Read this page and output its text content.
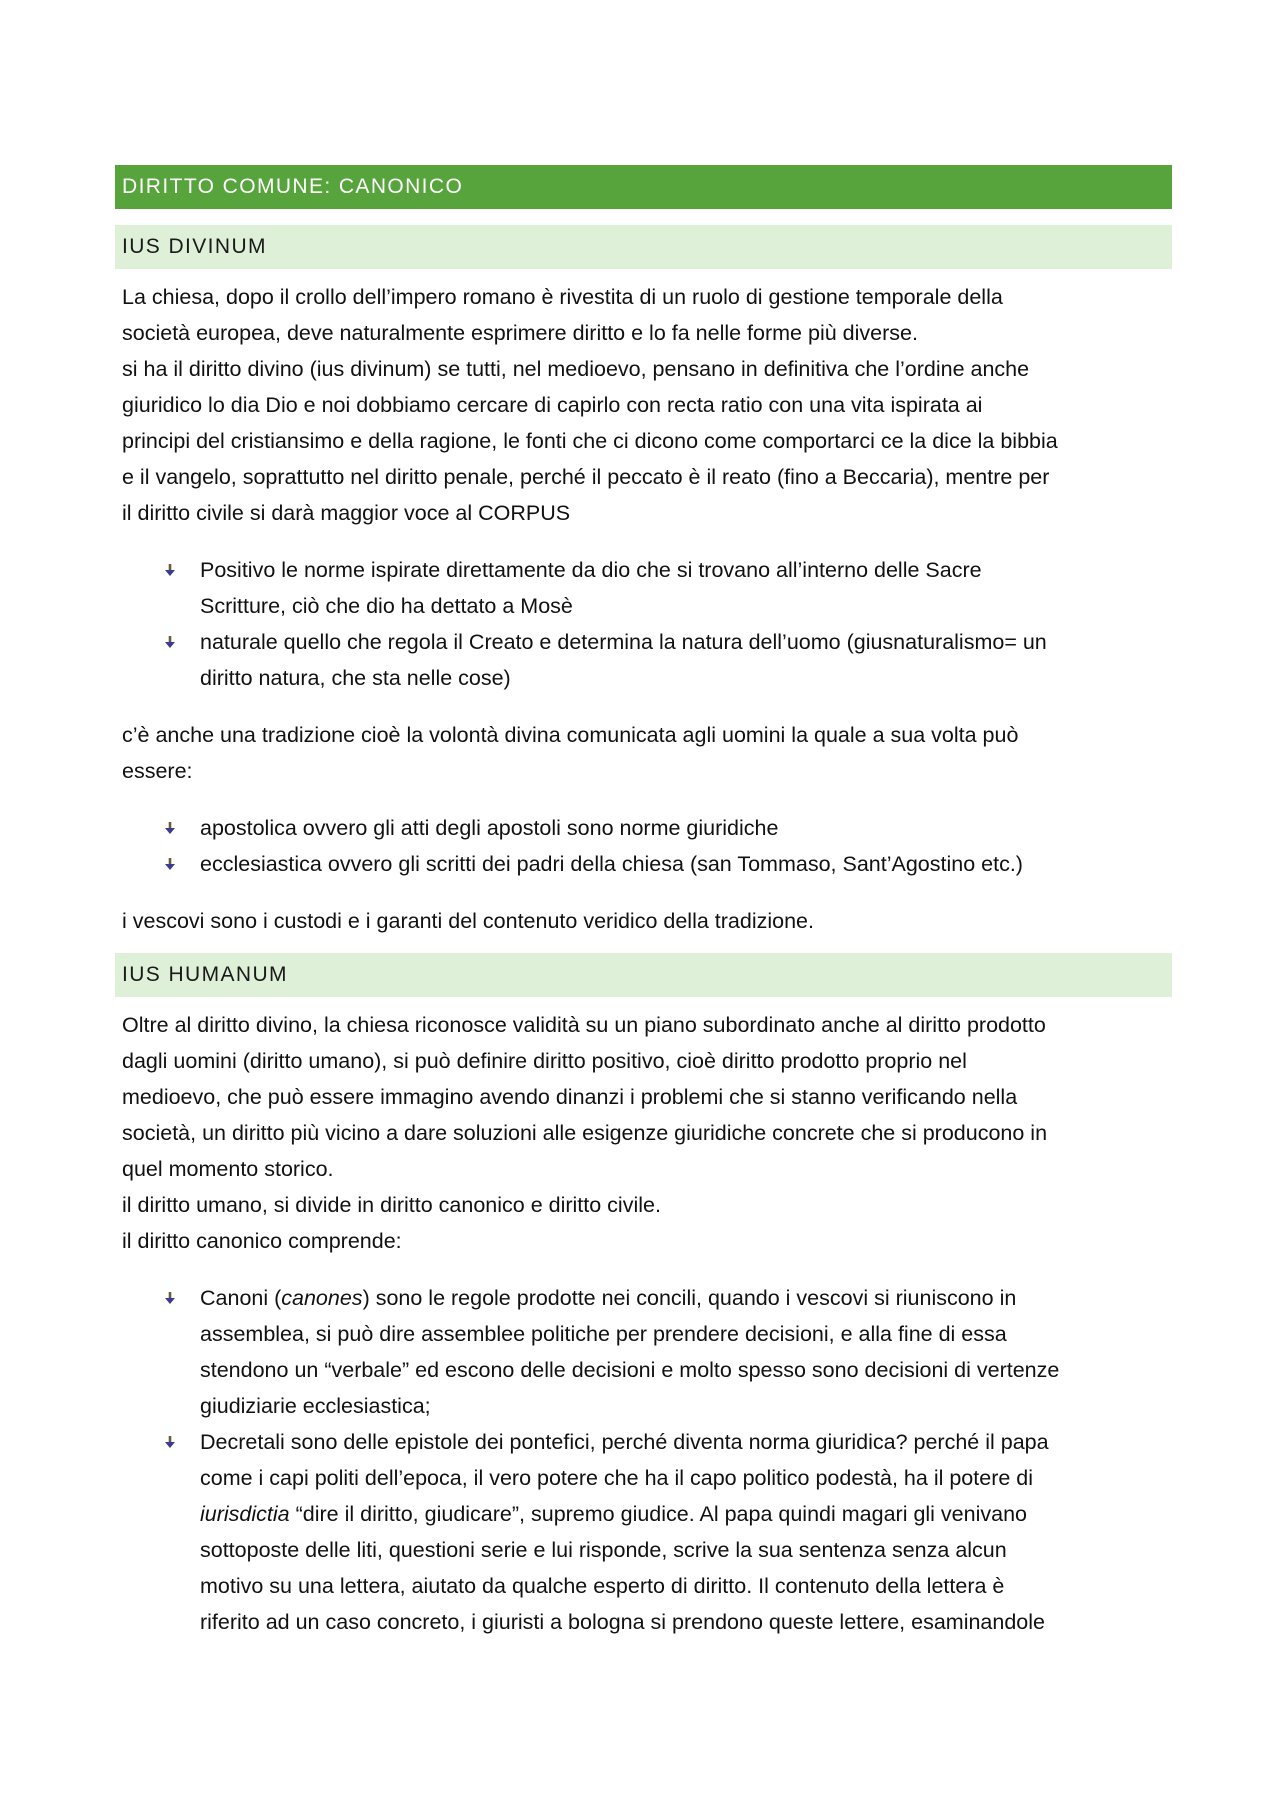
DIRITTO COMUNE: CANONICO
IUS DIVINUM

La chiesa, dopo il crollo dell’impero romano è rivestita di un ruolo di gestione temporale della
società europea, deve naturalmente esprimere diritto e lo fa nelle forme più diverse.
si ha il diritto divino (ius divinum) se tutti, nel medioevo, pensano in definitiva che l’ordine anche
giuridico lo dia Dio e noi dobbiamo cercare di capirlo con recta ratio con una vita ispirata ai
principi del cristiansimo e della ragione, le fonti che ci dicono come comportarci ce la dice la bibbia
e il vangelo, soprattutto nel diritto penale, perché il peccato è il reato (fino a Beccaria), mentre per
il diritto civile si darà maggior voce al CORPUS

Positivo le norme ispirate direttamente da dio che si trovano all’interno delle Sacre
Scritture, ciò che dio ha dettato a Mosè
naturale quello che regola il Creato e determina la natura dell’uomo (giusnaturalismo= un
diritto natura, che sta nelle cose)

c’è anche una tradizione cioè la volontà divina comunicata agli uomini la quale a sua volta può
essere:

apostolica ovvero gli atti degli apostoli sono norme giuridiche
ecclesiastica ovvero gli scritti dei padri della chiesa (san Tommaso, Sant’Agostino etc.)

i vescovi sono i custodi e i garanti del contenuto veridico della tradizione.

IUS HUMANUM

Oltre al diritto divino, la chiesa riconosce validità su un piano subordinato anche al diritto prodotto
dagli uomini (diritto umano), si può definire diritto positivo, cioè diritto prodotto proprio nel
medioevo, che può essere immagino avendo dinanzi i problemi che si stanno verificando nella
società, un diritto più vicino a dare soluzioni alle esigenze giuridiche concrete che si producono in
quel momento storico.
il diritto umano, si divide in diritto canonico e diritto civile.
il diritto canonico comprende:

Canoni (canones) sono le regole prodotte nei concili, quando i vescovi si riuniscono in
assemblea, si può dire assemblee politiche per prendere decisioni, e alla fine di essa
stendono un “verbale” ed escono delle decisioni e molto spesso sono decisioni di vertenze
giudiziarie ecclesiastica;
Decretali sono delle epistole dei pontefici, perché diventa norma giuridica? perché il papa
come i capi politi dell’epoca, il vero potere che ha il capo politico podestà, ha il potere di
iurisdictia “dire il diritto, giudicare”, supremo giudice. Al papa quindi magari gli venivano
sottoposte delle liti, questioni serie e lui risponde, scrive la sua sentenza senza alcun
motivo su una lettera, aiutato da qualche esperto di diritto. Il contenuto della lettera è
riferito ad un caso concreto, i giuristi a bologna si prendono queste lettere, esaminandole
